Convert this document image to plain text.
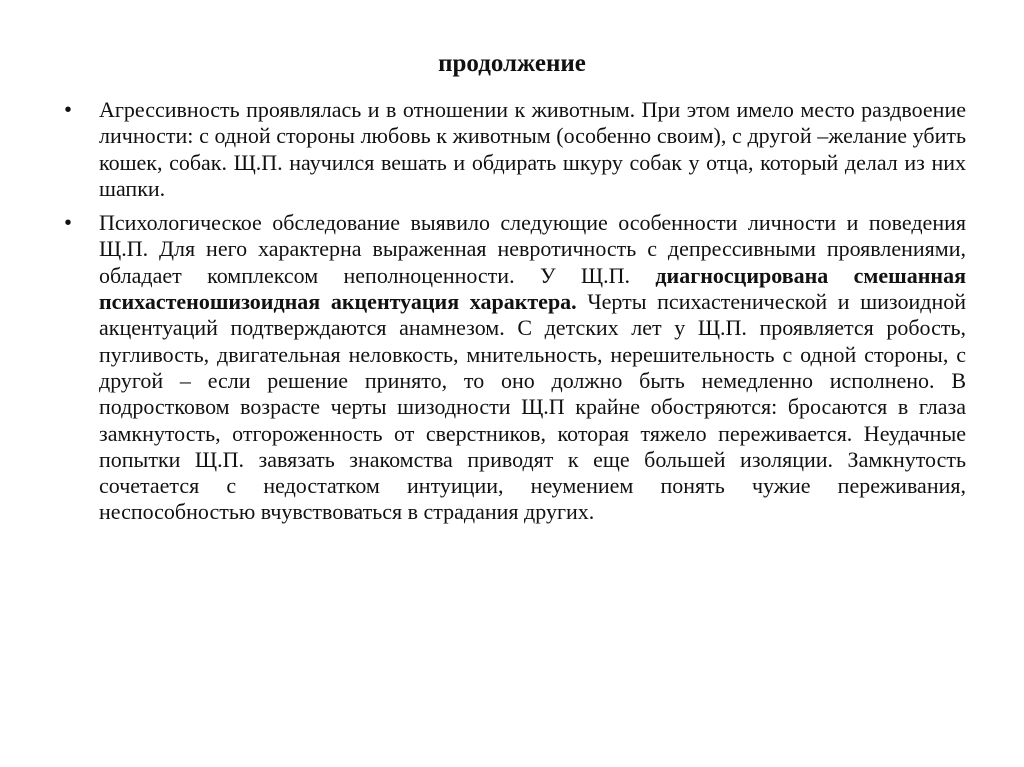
продолжение
• Агрессивность проявлялась и в отношении к животным. При этом имело место раздвоение личности: с одной стороны любовь к животным (особенно своим), с другой –желание убить кошек, собак. Щ.П. научился вешать и обдирать шкуру собак у отца, который делал из них шапки.
• Психологическое обследование выявило следующие особенности личности и поведения Щ.П. Для него характерна выраженная невротичность с депрессивными проявлениями, обладает комплексом неполноценности. У Щ.П. диагносцирована смешанная психастеношизоидная акцентуация характера. Черты психастенической и шизоидной акцентуаций подтверждаются анамнезом. С детских лет у Щ.П. проявляется робость, пугливость, двигательная неловкость, мнительность, нерешительность с одной стороны, с другой – если решение принято, то оно должно быть немедленно исполнено. В подростковом возрасте черты шизодности Щ.П крайне обостряются: бросаются в глаза замкнутость, отгороженность от сверстников, которая тяжело переживается. Неудачные попытки Щ.П. завязать знакомства приводят к еще большей изоляции. Замкнутость сочетается с недостатком интуиции, неумением понять чужие переживания, неспособностью вчувствоваться в страдания других.
